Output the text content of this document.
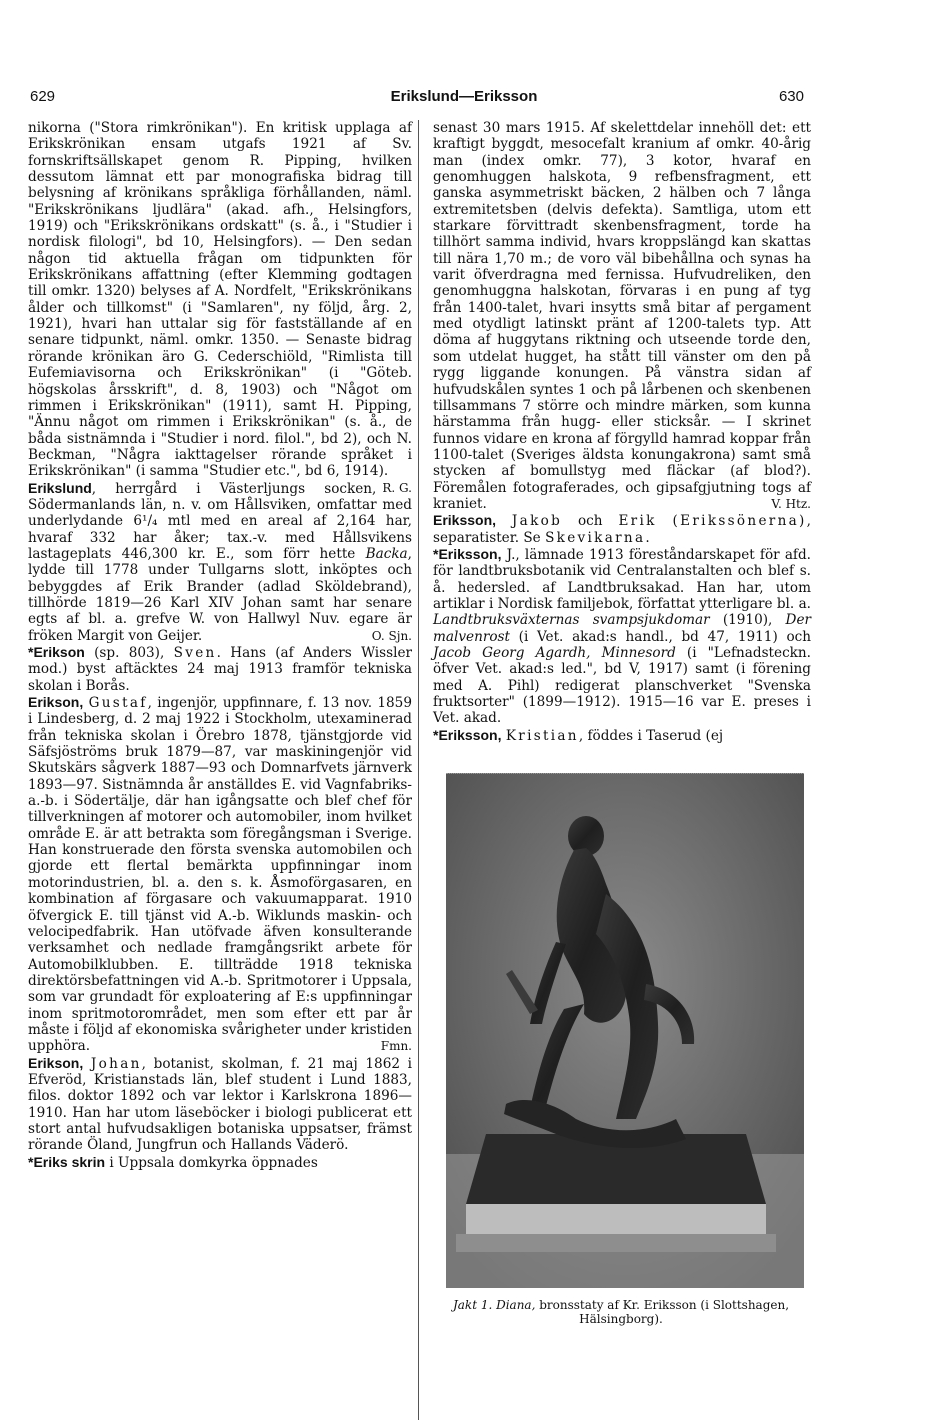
629	Erikslund—Eriksson	630

nikorna ("Stora rimkrönikan"). En kritisk upplaga af Erikskrönikan ensam utgafs 1921 af Sv. fornskriftsällskapet genom R. Pipping, hvilken dessutom lämnat ett par monografiska bidrag till belysning af krönikans språkliga förhållanden, näml. "Erikskrönikans ljudlära" (akad. afh., Helsingfors, 1919) och "Erikskrönikans ordskatt" (s. å., i "Studier i nordisk filologi", bd 10, Helsingfors). — Den sedan någon tid aktuella frågan om tidpunkten för Erikskrönikans affattning (efter Klemming godtagen till omkr. 1320) belyses af A. Nordfelt, "Erikskrönikans ålder och tillkomst" (i "Samlaren", ny följd, årg. 2, 1921), hvari han uttalar sig för fastställande af en senare tidpunkt, näml. omkr. 1350. — Senaste bidrag rörande krönikan äro G. Cederschiöld, "Rimlista till Eufemiavisorna och Erikskrönikan" (i "Göteb. högskolas årsskrift", d. 8, 1903) och "Något om rimmen i Erikskrönikan" (1911), samt H. Pipping, "Ännu något om rimmen i Erikskrönikan" (s. å., de båda sistnämnda i "Studier i nord. filol.", bd 2), och N. Beckman, "Några iakttagelser rörande språket i Erikskrönikan" (i samma "Studier etc.", bd 6, 1914).
R. G.

Erikslund, herrgård i Västerljungs socken, Södermanlands län, n. v. om Hållsviken, omfattar med underlydande 6¹/₄ mtl med en areal af 2,164 har, hvaraf 332 har åker; tax.-v. med Hållsvikens lastageplats 446,300 kr. E., som förr hette Backa, lydde till 1778 under Tullgarns slott, inköptes och bebyggdes af Erik Brander (adlad Sköldebrand), tillhörde 1819—26 Karl XIV Johan samt har senare egts af bl. a. grefve W. von Hallwyl Nuv. egare är fröken Margit von Geijer.	O. Sjn.

*Erikson (sp. 803), Sven. Hans (af Anders Wissler mod.) byst aftäcktes 24 maj 1913 framför tekniska skolan i Borås.

Erikson, Gustaf, ingenjör, uppfinnare, f. 13 nov. 1859 i Lindesberg, d. 2 maj 1922 i Stockholm, utexaminerad från tekniska skolan i Örebro 1878, tjänstgjorde vid Säfsjöströms bruk 1879—87, var maskiningenjör vid Skutskärs sågverk 1887—93 och Domnarfvets järnverk 1893—97. Sistnämnda år anställdes E. vid Vagnfabriks-a.-b. i Södertälje, där han igångsatte och blef chef för tillverkningen af motorer och automobiler, inom hvilket område E. är att betrakta som föregångsman i Sverige. Han konstruerade den första svenska automobilen och gjorde ett flertal bemärkta uppfinningar inom motorindustrien, bl. a. den s. k. Åsmoförgasaren, en kombination af förgasare och vakuumapparat. 1910 öfvergick E. till tjänst vid A.-b. Wiklunds maskin- och velocipedfabrik. Han utöfvade äfven konsulterande verksamhet och nedlade framgångsrikt arbete för Automobilklubben. E. tillträdde 1918 tekniska direktörsbefattningen vid A.-b. Spritmotorer i Uppsala, som var grundadt för exploatering af E:s uppfinningar inom spritmotorområdet, men som efter ett par år måste i följd af ekonomiska svårigheter under kristiden upphöra.	Fmn.

Erikson, Johan, botanist, skolman, f. 21 maj 1862 i Efveröd, Kristianstads län, blef student i Lund 1883, filos. doktor 1892 och var lektor i Karlskrona 1896—1910. Han har utom läseböcker i biologi publicerat ett stort antal hufvudsakligen botaniska uppsatser, främst rörande Öland, Jungfrun och Hallands Väderö.

*Eriks skrin i Uppsala domkyrka öppnades

senast 30 mars 1915. Af skelettdelar innehöll det: ett kraftigt byggdt, mesocefalt kranium af omkr. 40-årig man (index omkr. 77), 3 kotor, hvaraf en genomhuggen halskota, 9 refbensfragment, ett ganska asymmetriskt bäcken, 2 hälben och 7 långa extremitetsben (delvis defekta). Samtliga, utom ett starkare förvittradt skenbensfragment, torde ha tillhört samma individ, hvars kroppslängd kan skattas till nära 1,70 m.; de voro väl bibehållna och synas ha varit öfverdragna med fernissa. Hufvudreliken, den genomhuggna halskotan, förvaras i en pung af tyg från 1400-talet, hvari insytts små bitar af pergament med otydligt latinskt pränt af 1200-talets typ. Att döma af huggytans riktning och utseende torde den, som utdelat hugget, ha stått till vänster om den på rygg liggande konungen. På vänstra sidan af hufvudskålen syntes 1 och på lårbenen och skenbenen tillsammans 7 större och mindre märken, som kunna härstamma från hugg- eller sticksår. — I skrinet funnos vidare en krona af förgylld hamrad koppar från 1100-talet (Sveriges äldsta konungakrona) samt små stycken af bomullstyg med fläckar (af blod?). Föremålen fotograferades, och gipsafgjutning togs af kraniet.	V. Htz.

Eriksson, Jakob och Erik (Erikssönerna), separatister. Se Skevikarna.

*Eriksson, J., lämnade 1913 föreståndarskapet för afd. för landtbruksbotanik vid Centralanstalten och blef s. å. hedersled. af Landtbruksakad. Han har, utom artiklar i Nordisk familjebok, författat ytterligare bl. a. Landtbruksväxternas svampsjukdomar (1910), Der malvenrost (i Vet. akad:s handl., bd 47, 1911) och Jacob Georg Agardh, Minnesord (i "Lefnadsteckn. öfver Vet. akad:s led.", bd V, 1917) samt (i förening med A. Pihl) redigerat planschverket "Svenska fruktsorter" (1899—1912). 1915—16 var E. preses i Vet. akad.

*Eriksson, Kristian, föddes i Taserud (ej

Jakt 1. Diana, bronsstaty af Kr. Eriksson (i Slottshagen, Hälsingborg).
